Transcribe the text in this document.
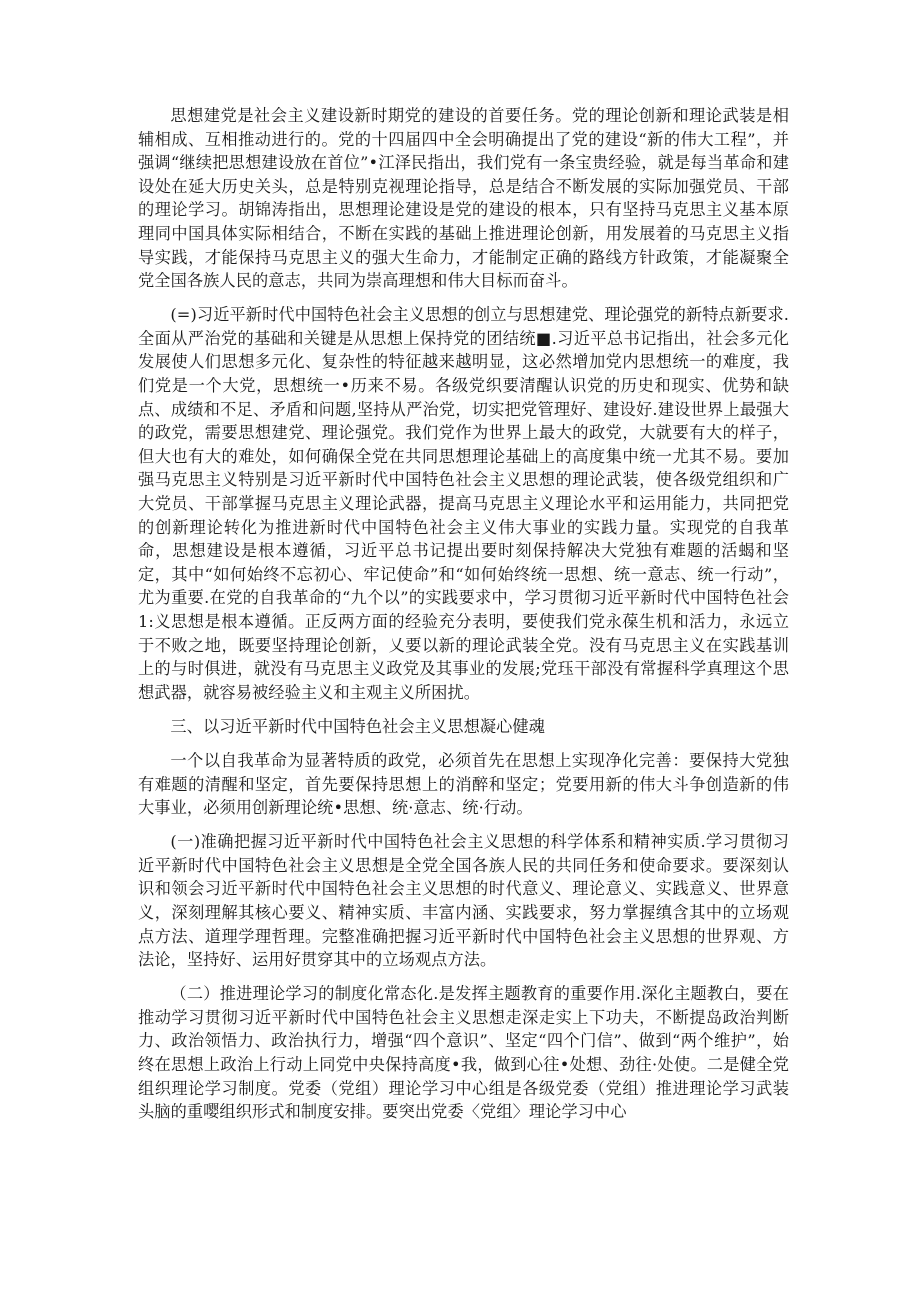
思想建党是社会主义建设新时期党的建设的首要任务。党的理论创新和理论武装是相辅相成、互相推动进行的。党的十四届四中全会明确提出了党的建设“新的伟大工程”，并强调“继续把思想建设放在首位”•江泽民指出，我们党有一条宝贵经验，就是每当革命和建设处在延大历史关头，总是特别克视理论指导，总是结合不断发展的实际加强党员、干部的理论学习。胡锦涛指出，思想理论建设是党的建设的根本，只有坚持马克思主义基本原理同中国具体实际相结合，不断在实践的基础上推进理论创新，用发展着的马克思主义指导实践，才能保持马克思主义的强大生命力，才能制定正确的路线方针政策，才能凝聚全党全国各族人民的意志，共同为崇高理想和伟大目标而奋斗。

(=)习近平新时代中国特色社会主义思想的创立与思想建党、理论强党的新特点新要求.全面从严治党的基础和关键是从思想上保持党的团结统■.习近平总书记指出，社会多元化发展使人们思想多元化、复杂性的特征越来越明显，这必然增加党内思想统一的难度，我们党是一个大党，思想统一•历来不易。各级党织要清醒认识党的历史和现实、优势和缺点、成绩和不足、矛盾和问题,坚持从严治党，切实把党管理好、建设好.建设世界上最强大的政党，需要思想建党、理论强党。我们党作为世界上最大的政党，大就要有大的样子，但大也有大的难处，如何确保全党在共同思想理论基础上的高度集中统一尤其不易。要加强马克思主义特别是习近平新时代中国特色社会主义思想的理论武装，使各级党组织和广大党员、干部掌握马克思主义理论武器，提高马克思主义理论水平和运用能力，共同把党的创新理论转化为推进新时代中国特色社会主义伟大事业的实践力量。实现党的自我革命，思想建设是根本遵循，习近平总书记提出要时刻保持解决大党独有难题的活蝎和坚定，其中“如何始终不忘初心、牢记使命”和“如何始终统一思想、统一意志、统一行动”，尤为重要.在党的自我革命的“九个以”的实践要求中，学习贯彻习近平新时代中国特色社会1:义思想是根本遵循。正反两方面的经验充分表明，要使我们党永葆生机和活力，永远立于不败之地，既要坚持理论创新，乂要以新的理论武装全党。没有马克思主义在实践基训上的与时俱进，就没有马克思主义政党及其事业的发展;党珏干部没有常握科学真理这个思想武器，就容易被经验主义和主观主义所困扰。

三、以习近平新时代中国特色社会主义思想凝心健魂

一个以自我革命为显著特质的政党，必须首先在思想上实现净化完善：要保持大党独有难题的清醒和坚定，首先要保持思想上的消醉和坚定；党要用新的伟大斗争创造新的伟大事业，必须用创新理论统•思想、统·意志、统·行动。

(一)准确把握习近平新时代中国特色社会主义思想的科学体系和精神实质.学习贯彻习近平新时代中国特色社会主义思想是全党全国各族人民的共同任务和使命要求。要深刻认识和领会习近平新时代中国特色社会主义思想的时代意义、理论意义、实践意义、世界意义，深刻理解其核心要义、精神实质、丰富内涵、实践要求，努力掌握缜含其中的立场观点方法、道理学理哲理。完整准确把握习近平新时代中国特色社会主义思想的世界观、方法论，坚持好、运用好贯穿其中的立场观点方法。

（二）推进理论学习的制度化常态化.是发挥主题教育的重要作用.深化主题教白，要在推动学习贯彻习近平新时代中国特色社会主义思想走深走实上下功夫，不断提岛政治判断力、政治领悟力、政治执行力，增强“四个意识”、坚定“四个门信”、做到“两个维护”，始终在思想上政治上行动上同党中央保持高度•我，做到心往•处想、劲往·处使。二是健全党组织理论学习制度。党委（党组）理论学习中心组是各级党委（党组）推进理论学习武装头脑的重嘤组织形式和制度安排。要突出党委〈党组〉理论学习中心
